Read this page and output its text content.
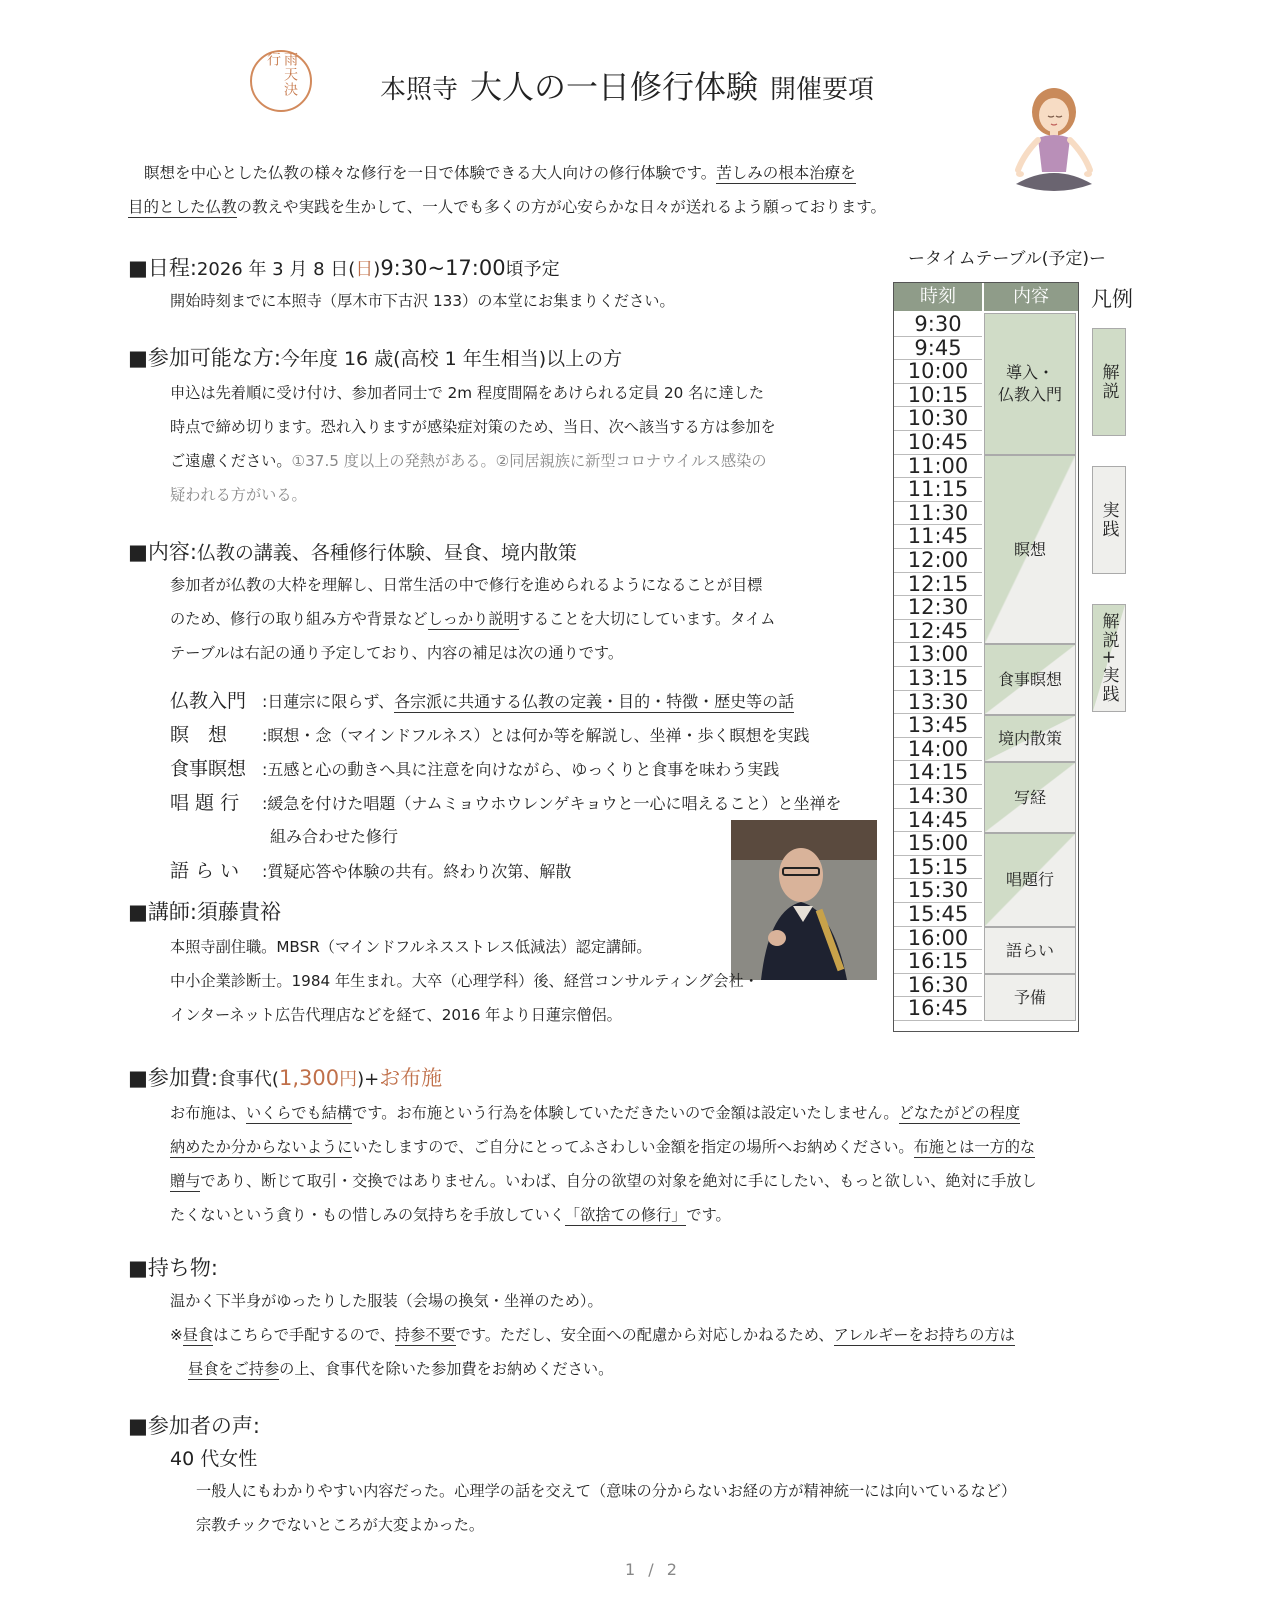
雨天決行
本照寺 大人の一日修行体験 開催要項
瞑想を中心とした仏教の様々な修行を一日で体験できる大人向けの修行体験です。苦しみの根本治療を
目的とした仏教の教えや実践を生かして、一人でも多くの方が心安らかな日々が送れるよう願っております。
■日程:2026 年 3 月 8 日(日)9:30~17:00頃予定
開始時刻までに本照寺（厚木市下古沢 133）の本堂にお集まりください。
■参加可能な方:今年度 16 歳(高校 1 年生相当)以上の方
申込は先着順に受け付け、参加者同士で 2m 程度間隔をあけられる定員 20 名に達した
時点で締め切ります。恐れ入りますが感染症対策のため、当日、次へ該当する方は参加を
ご遠慮ください。①37.5 度以上の発熱がある。②同居親族に新型コロナウイルス感染の
疑われる方がいる。
■内容:仏教の講義、各種修行体験、昼食、境内散策
参加者が仏教の大枠を理解し、日常生活の中で修行を進められるようになることが目標
のため、修行の取り組み方や背景などしっかり説明することを大切にしています。タイム
テーブルは右記の通り予定しており、内容の補足は次の通りです。
仏教入門 :日蓮宗に限らず、各宗派に共通する仏教の定義・目的・特徴・歴史等の話
瞑　想　:瞑想・念（マインドフルネス）とは何か等を解説し、坐禅・歩く瞑想を実践
食事瞑想 :五感と心の動きへ具に注意を向けながら、ゆっくりと食事を味わう実践
唱 題 行 :緩急を付けた唱題（ナムミョウホウレンゲキョウと一心に唱えること）と坐禅を
組み合わせた修行
語 ら い :質疑応答や体験の共有。終わり次第、解散
■講師:須藤貴裕
本照寺副住職。MBSR（マインドフルネスストレス低減法）認定講師。
中小企業診断士。1984 年生まれ。大卒（心理学科）後、経営コンサルティング会社・
インターネット広告代理店などを経て、2016 年より日蓮宗僧侶。
■参加費:食事代(1,300円)+お布施
お布施は、いくらでも結構です。お布施という行為を体験していただきたいので金額は設定いたしません。どなたがどの程度
納めたか分からないようにいたしますので、ご自分にとってふさわしい金額を指定の場所へお納めください。布施とは一方的な
贈与であり、断じて取引・交換ではありません。いわば、自分の欲望の対象を絶対に手にしたい、もっと欲しい、絶対に手放し
たくないという貪り・もの惜しみの気持ちを手放していく「欲捨ての修行」です。
■持ち物:
温かく下半身がゆったりした服装（会場の換気・坐禅のため）。
※昼食はこちらで手配するので、持参不要です。ただし、安全面への配慮から対応しかねるため、アレルギーをお持ちの方は
昼食をご持参の上、食事代を除いた参加費をお納めください。
■参加者の声:
40 代女性
一般人にもわかりやすい内容だった。心理学の話を交えて（意味の分からないお経の方が精神統一には向いているなど）
宗教チックでないところが大変よかった。
ータイムテーブル(予定)ー
時刻	内容
9:30
9:45
10:00
10:15
10:30
10:45
11:00
11:15
11:30
11:45
12:00
12:15
12:30
12:45
13:00
13:15
13:30
13:45
14:00
14:15
14:30
14:45
15:00
15:15
15:30
15:45
16:00
16:15
16:30
16:45
導入・
仏教入門
瞑想
食事瞑想
境内散策
写経
唱題行
語らい
予備
凡例
解説
実践
解説+実践
1 / 2
